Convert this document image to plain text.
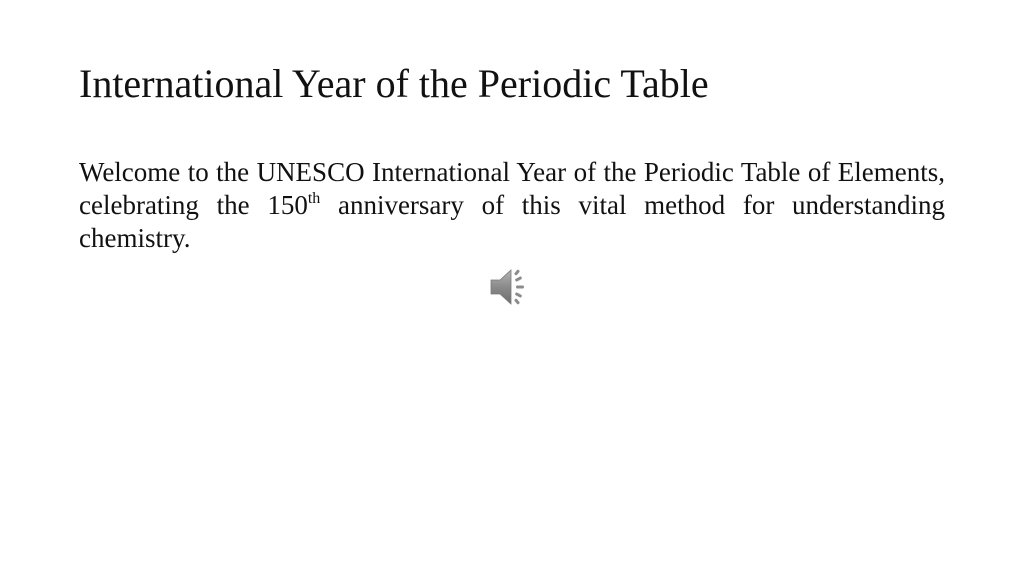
International Year of the Periodic Table

Welcome to the UNESCO International Year of the Periodic Table of Elements, celebrating the 150th anniversary of this vital method for understanding chemistry.
